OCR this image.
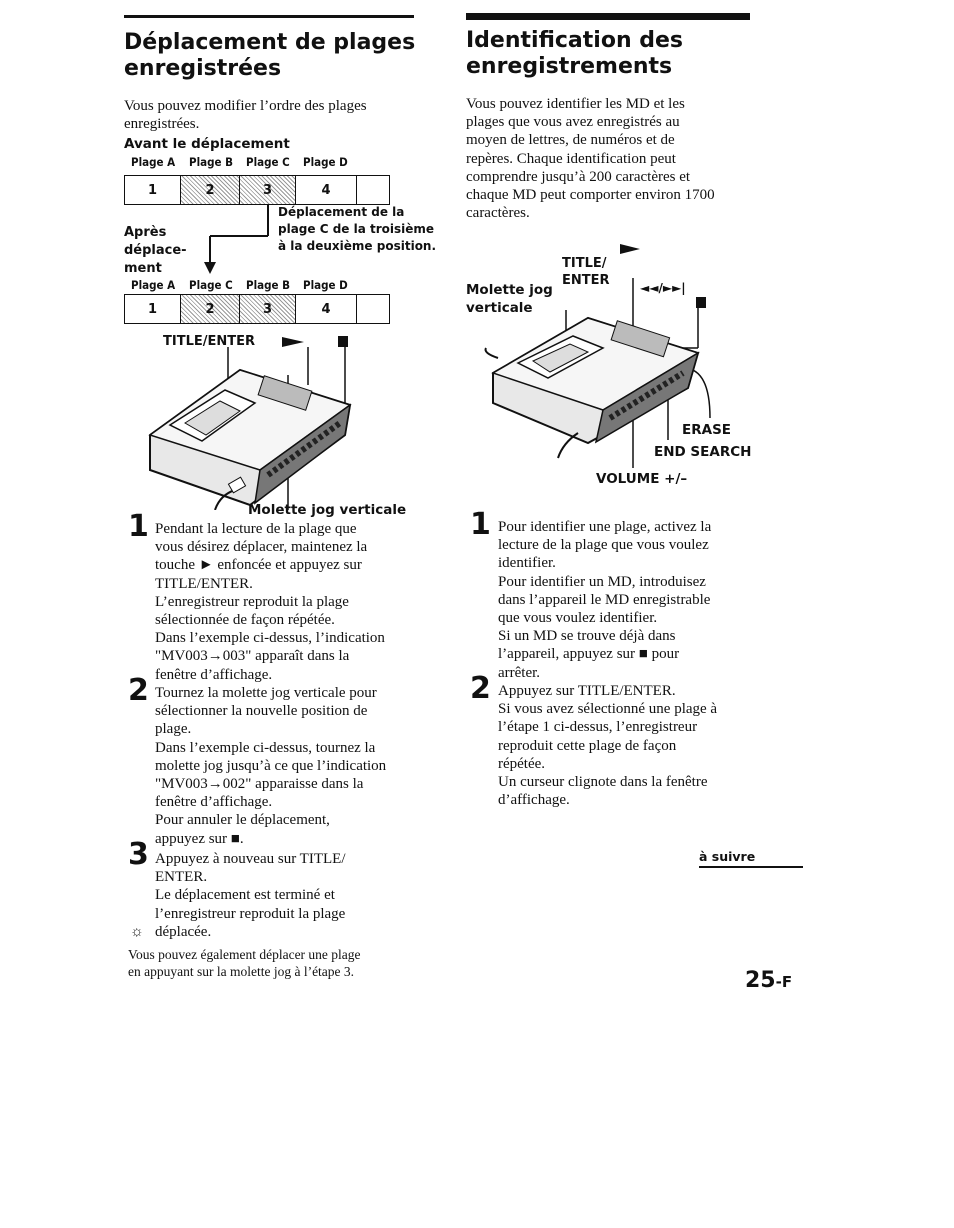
Déplacement de plages
enregistrées
Vous pouvez modifier l’ordre des plages
enregistrées.
Avant le déplacement
Plage A Plage B Plage C Plage D
1	2	3	4
Déplacement de la
plage C de la troisième
à la deuxième position.
Après
déplace-
ment
Plage A Plage C Plage B Plage D
1	2	3	4
TITLE/ENTER
Molette jog verticale
1 Pendant la lecture de la plage que
vous désirez déplacer, maintenez la
touche ► enfoncée et appuyez sur
TITLE/ENTER.
L’enregistreur reproduit la plage
sélectionnée de façon répétée.
Dans l’exemple ci-dessus, l’indication
"MV003→003" apparaît dans la
fenêtre d’affichage.
2 Tournez la molette jog verticale pour
sélectionner la nouvelle position de
plage.
Dans l’exemple ci-dessus, tournez la
molette jog jusqu’à ce que l’indication
"MV003→002" apparaisse dans la
fenêtre d’affichage.
Pour annuler le déplacement,
appuyez sur ■.
3 Appuyez à nouveau sur TITLE/
ENTER.
Le déplacement est terminé et
l’enregistreur reproduit la plage
déplacée.
☼
Vous pouvez également déplacer une plage
en appuyant sur la molette jog à l’étape 3.
Identification des
enregistrements
Vous pouvez identifier les MD et les
plages que vous avez enregistrés au
moyen de lettres, de numéros et de
repères. Chaque identification peut
comprendre jusqu’à 200 caractères et
chaque MD peut comporter environ 1700
caractères.
TITLE/
ENTER
Molette jog
verticale
◄◄/►►|
ERASE
END SEARCH
VOLUME +/–
1 Pour identifier une plage, activez la
lecture de la plage que vous voulez
identifier.
Pour identifier un MD, introduisez
dans l’appareil le MD enregistrable
que vous voulez identifier.
Si un MD se trouve déjà dans
l’appareil, appuyez sur ■ pour
arrêter.
2 Appuyez sur TITLE/ENTER.
Si vous avez sélectionné une plage à
l’étape 1 ci-dessus, l’enregistreur
reproduit cette plage de façon
répétée.
Un curseur clignote dans la fenêtre
d’affichage.
à suivre
25-F
